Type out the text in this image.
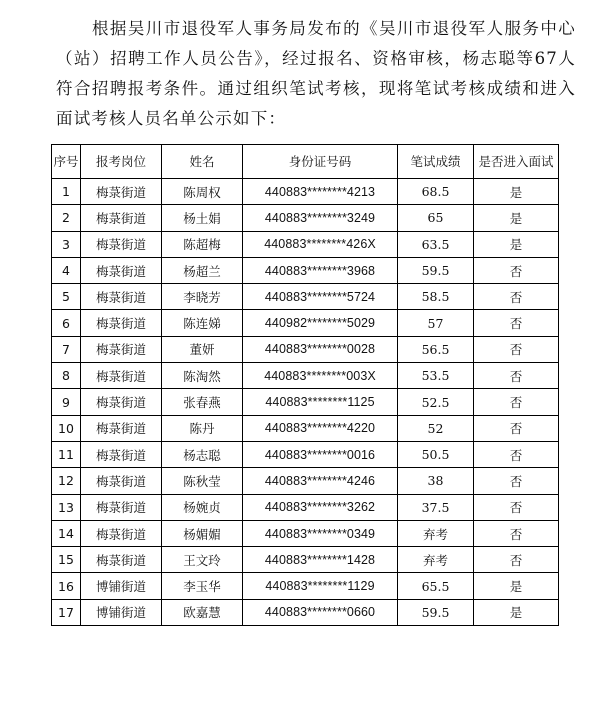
根据吴川市退役军人事务局发布的《吴川市退役军人服务中心（站）招聘工作人员公告》，经过报名、资格审核，杨志聪等67人符合招聘报考条件。通过组织笔试考核，现将笔试考核成绩和进入面试考核人员名单公示如下：

序号	报考岗位	姓名	身份证号码	笔试成绩	是否进入面试
1	梅菉街道	陈周权	440883********4213	68.5	是
2	梅菉街道	杨土娟	440883********3249	65	是
3	梅菉街道	陈超梅	440883********426X	63.5	是
4	梅菉街道	杨超兰	440883********3968	59.5	否
5	梅菉街道	李晓芳	440883********5724	58.5	否
6	梅菉街道	陈连娣	440982********5029	57	否
7	梅菉街道	董妍	440883********0028	56.5	否
8	梅菉街道	陈淘然	440883********003X	53.5	否
9	梅菉街道	张春燕	440883********1125	52.5	否
10	梅菉街道	陈丹	440883********4220	52	否
11	梅菉街道	杨志聪	440883********0016	50.5	否
12	梅菉街道	陈秋莹	440883********4246	38	否
13	梅菉街道	杨婉贞	440883********3262	37.5	否
14	梅菉街道	杨媚媚	440883********0349	弃考	否
15	梅菉街道	王文玲	440883********1428	弃考	否
16	博铺街道	李玉华	440883********1129	65.5	是
17	博铺街道	欧嘉慧	440883********0660	59.5	是
